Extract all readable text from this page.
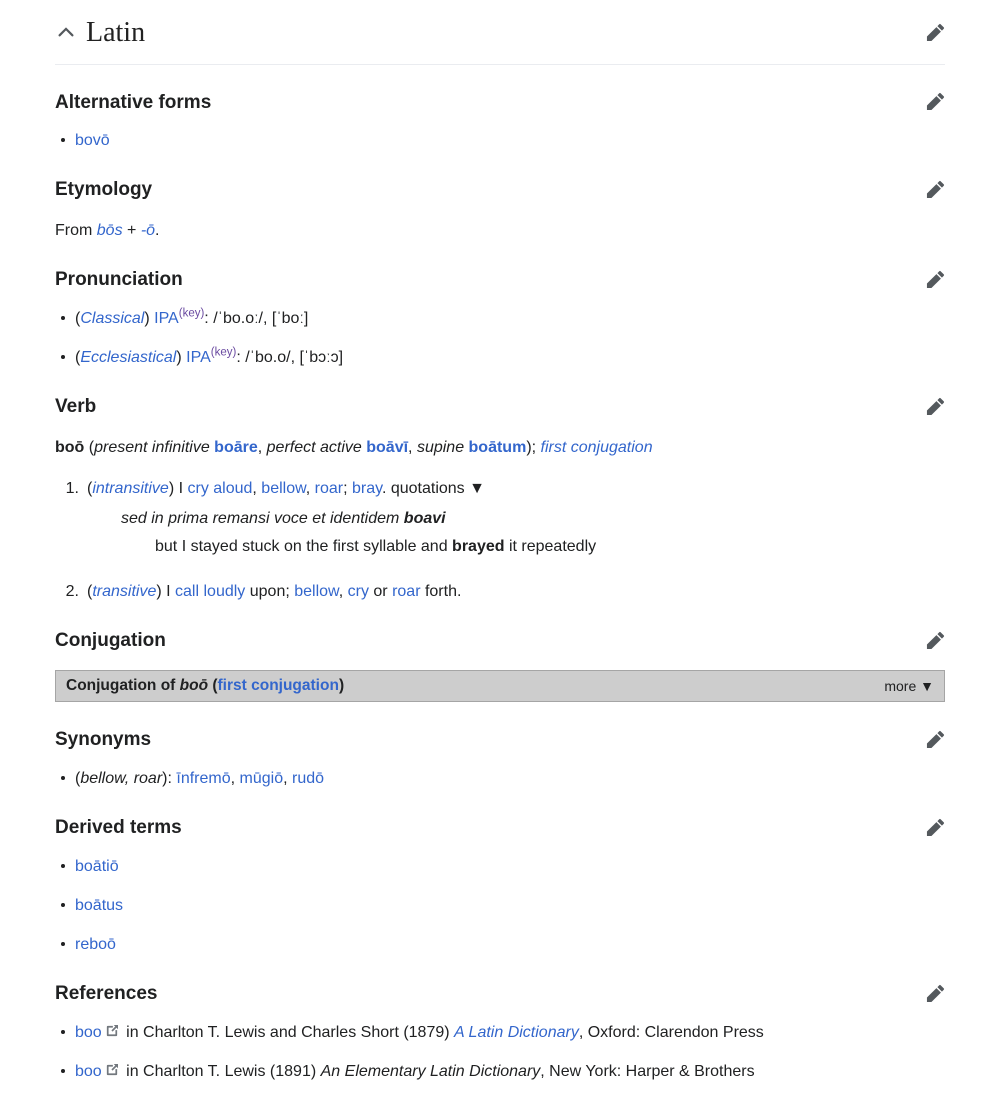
Latin
Alternative forms
bovō
Etymology

From bōs + -ō.

Pronunciation
(Classical) $IPA^{(key)}$: /ˈbo.oː/, [ˈboː]
(Ecclesiastical) $IPA^{(key)}$: /ˈbo.o/, [ˈbɔːɔ]
Verb

boō (present infinitive boāre, perfect active boāvī, supine boātum); first conjugation

1. (intransitive) I cry aloud, bellow, roar; bray. quotations ▼
sed in prima remansi voce et identidem boavi
but I stayed stuck on the first syllable and brayed it repeatedly
2. (transitive) I call loudly upon; bellow, cry or roar forth.
Conjugation
Conjugation of boō (first conjugation)	more ▼
Synonyms
(bellow, roar): īnfremō, mūgiō, rudō
Derived terms
boātiō
boātus
reboō
References
boo in Charlton T. Lewis and Charles Short (1879) A Latin Dictionary, Oxford: Clarendon Press
boo in Charlton T. Lewis (1891) An Elementary Latin Dictionary, New York: Harper & Brothers
